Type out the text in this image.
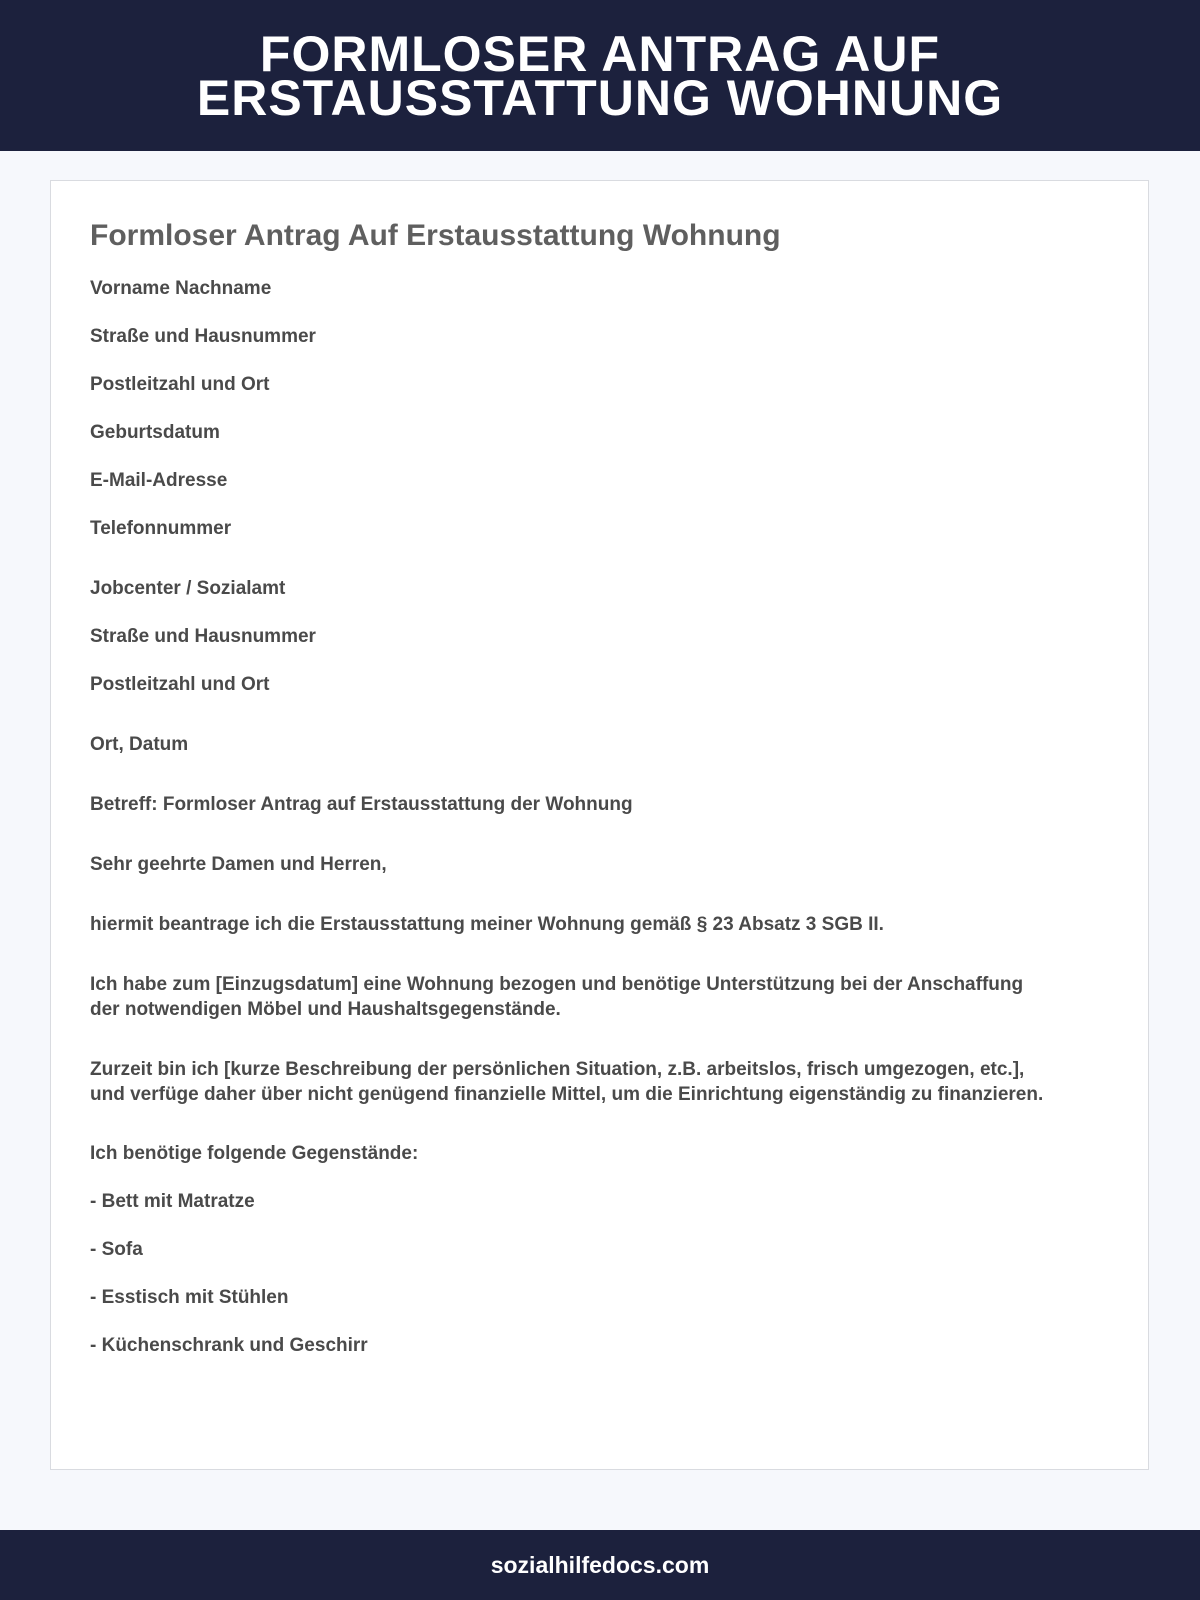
FORMLOSER ANTRAG AUF
ERSTAUSSTATTUNG WOHNUNG
Formloser Antrag Auf Erstausstattung Wohnung

Vorname Nachname

Straße und Hausnummer

Postleitzahl und Ort

Geburtsdatum

E-Mail-Adresse

Telefonnummer

Jobcenter / Sozialamt

Straße und Hausnummer

Postleitzahl und Ort

Ort, Datum

Betreff: Formloser Antrag auf Erstausstattung der Wohnung

Sehr geehrte Damen und Herren,

hiermit beantrage ich die Erstausstattung meiner Wohnung gemäß § 23 Absatz 3 SGB II.

Ich habe zum [Einzugsdatum] eine Wohnung bezogen und benötige Unterstützung bei der Anschaffung
der notwendigen Möbel und Haushaltsgegenstände.
Zurzeit bin ich [kurze Beschreibung der persönlichen Situation, z.B. arbeitslos, frisch umgezogen, etc.],
und verfüge daher über nicht genügend finanzielle Mittel, um die Einrichtung eigenständig zu finanzieren.

Ich benötige folgende Gegenstände:

- Bett mit Matratze

- Sofa

- Esstisch mit Stühlen

- Küchenschrank und Geschirr

sozialhilfedocs.com
